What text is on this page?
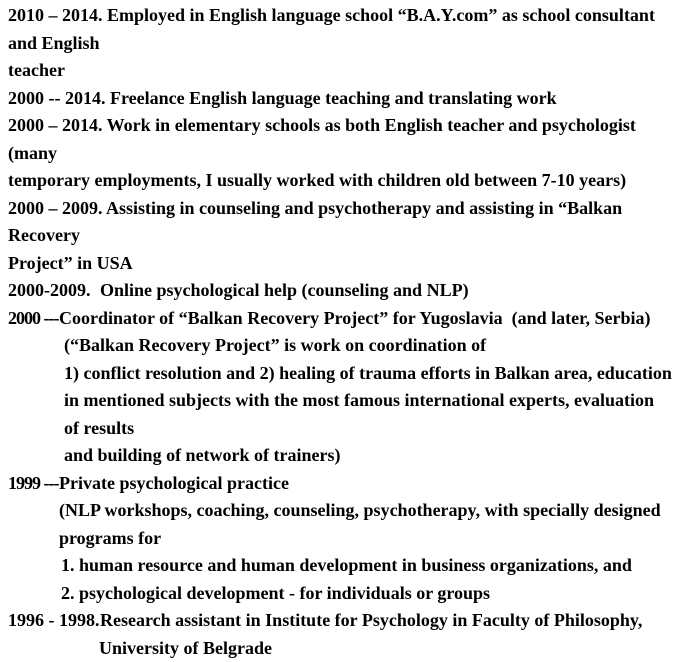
2010 – 2014. Employed in English language school “B.A.Y.com” as school consultant and English
teacher
2000 -- 2014. Freelance English language teaching and translating work
2000 – 2014. Work in elementary schools as both English teacher and psychologist (many
temporary employments, I usually worked with children old between 7-10 years)
2000 – 2009. Assisting in counseling and psychotherapy and assisting in “Balkan Recovery
Project” in USA
2000-2009. Online psychological help (counseling and NLP)
2000 ---Coordinator of “Balkan Recovery Project” for Yugoslavia  (and later, Serbia)
(“Balkan Recovery Project” is work on coordination of
1) conflict resolution and 2) healing of trauma efforts in Balkan area, education
in mentioned subjects with the most famous international experts, evaluation of results
and building of network of trainers)
1999 ---Private psychological practice
(NLP workshops, coaching, counseling, psychotherapy, with specially designed
programs for
1. human resource and human development in business organizations, and
2. psychological development - for individuals or groups
1996 - 1998.Research assistant in Institute for Psychology in Faculty of Philosophy,
University of Belgrade
